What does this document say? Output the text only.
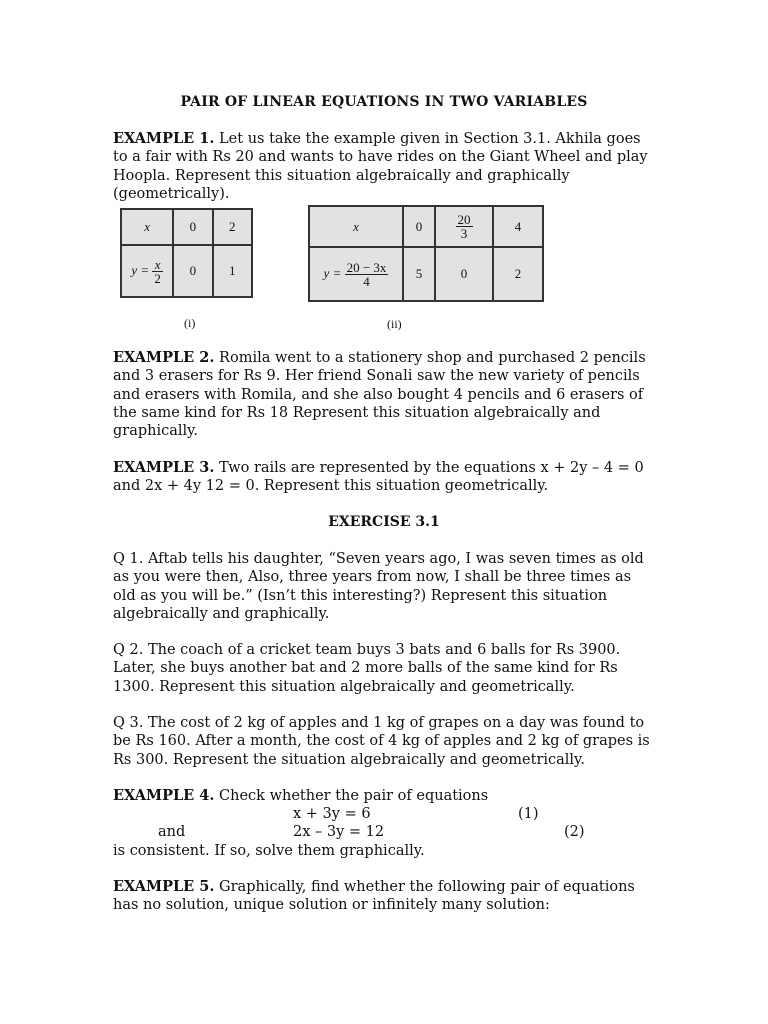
PAIR OF LINEAR EQUATIONS IN TWO VARIABLES
EXAMPLE 1. Let us take the example given in Section 3.1. Akhila goes to a fair with Rs 20 and wants to have rides on the Giant Wheel and play Hoopla. Represent this situation algebraically and graphically (geometrically).
x	0	2
$y = \frac{x}{2}$	0	1
(i)
x	0	$\frac{20}{3}$	4
$y = \frac{20 - 3x}{4}$	5	0	2
(ii)
EXAMPLE 2. Romila went to a stationery shop and purchased 2 pencils and 3 erasers for Rs 9. Her friend Sonali saw the new variety of pencils and erasers with Romila, and she also bought 4 pencils and 6 erasers of the same kind for Rs 18 Represent this situation algebraically and graphically.
EXAMPLE 3. Two rails are represented by the equations x + 2y – 4 = 0 and 2x + 4y 12 = 0. Represent this situation geometrically.
EXERCISE 3.1
Q 1. Aftab tells his daughter, “Seven years ago, I was seven times as old as you were then, Also, three years from now, I shall be three times as old as you will be.” (Isn’t this interesting?) Represent this situation algebraically and graphically.
Q 2. The coach of a cricket team buys 3 bats and 6 balls for Rs 3900. Later, she buys another bat and 2 more balls of the same kind for Rs 1300. Represent this situation algebraically and geometrically.
Q 3. The cost of 2 kg of apples and 1 kg of grapes on a day was found to be Rs 160. After a month, the cost of 4 kg of apples and 2 kg of grapes is Rs 300. Represent the situation algebraically and geometrically.
EXAMPLE 4. Check whether the pair of equations
x + 3y = 6	(1)
and	2x – 3y = 12	(2)
is consistent. If so, solve them graphically.
EXAMPLE 5. Graphically, find whether the following pair of equations has no solution, unique solution or infinitely many solution:
